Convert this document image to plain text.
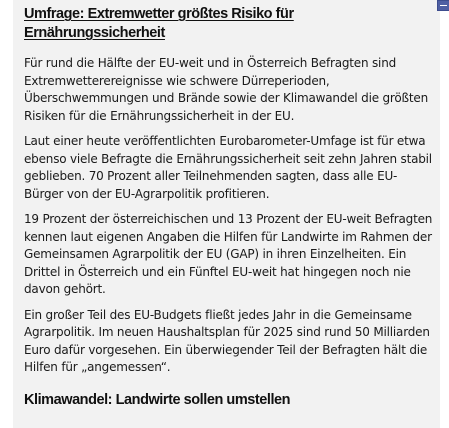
Umfrage: Extremwetter größtes Risiko für
Ernährungssicherheit

Für rund die Hälfte der EU-weit und in Österreich Befragten sind Extremwetterereignisse wie schwere Dürreperioden, Überschwemmungen und Brände sowie der Klimawandel die größten Risiken für die Ernährungssicherheit in der EU.

Laut einer heute veröffentlichten Eurobarometer-Umfage ist für etwa ebenso viele Befragte die Ernährungssicherheit seit zehn Jahren stabil geblieben. 70 Prozent aller Teilnehmenden sagten, dass alle EU-Bürger von der EU-Agrarpolitik profitieren.

19 Prozent der österreichischen und 13 Prozent der EU-weit Befragten kennen laut eigenen Angaben die Hilfen für Landwirte im Rahmen der Gemeinsamen Agrarpolitik der EU (GAP) in ihren Einzelheiten. Ein Drittel in Österreich und ein Fünftel EU-weit hat hingegen noch nie davon gehört.

Ein großer Teil des EU-Budgets fließt jedes Jahr in die Gemeinsame Agrarpolitik. Im neuen Haushaltsplan für 2025 sind rund 50 Milliarden Euro dafür vorgesehen. Ein überwiegender Teil der Befragten hält die Hilfen für „angemessen“.

Klimawandel: Landwirte sollen umstellen
